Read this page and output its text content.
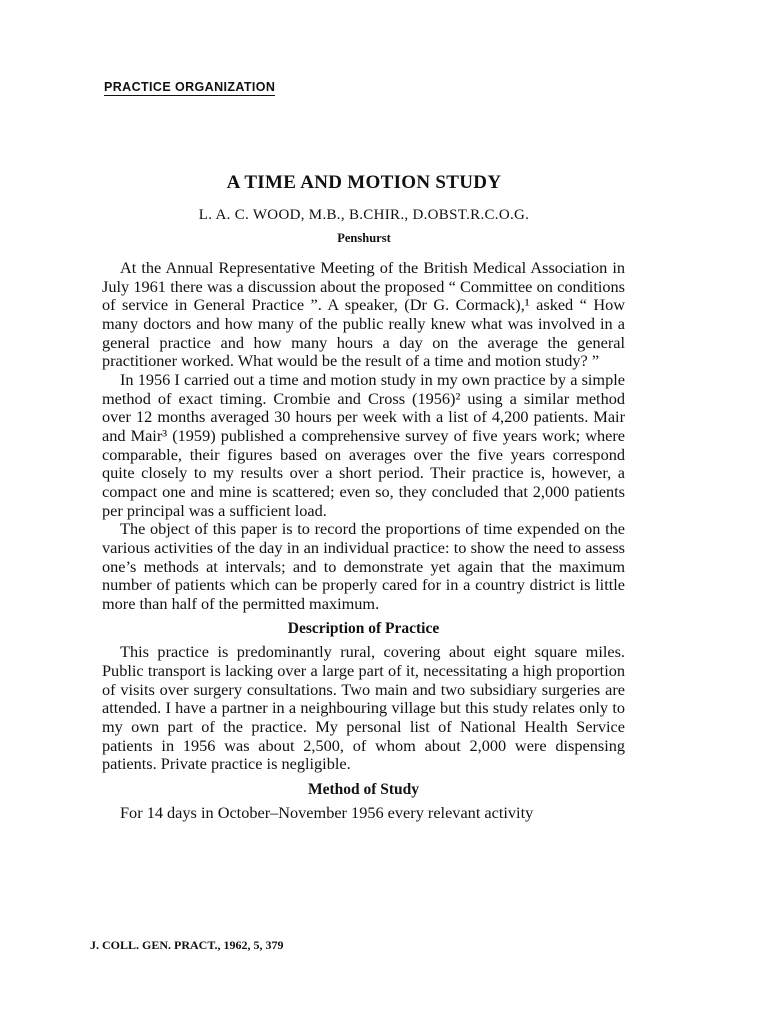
PRACTICE ORGANIZATION
A TIME AND MOTION STUDY
L. A. C. WOOD, M.B., B.CHIR., D.OBST.R.C.O.G.
Penshurst

At the Annual Representative Meeting of the British Medical Association in July 1961 there was a discussion about the proposed “ Committee on conditions of service in General Practice ”. A speaker, (Dr G. Cormack),¹ asked “ How many doctors and how many of the public really knew what was involved in a general practice and how many hours a day on the average the general practitioner worked. What would be the result of a time and motion study? ”

In 1956 I carried out a time and motion study in my own practice by a simple method of exact timing. Crombie and Cross (1956)² using a similar method over 12 months averaged 30 hours per week with a list of 4,200 patients. Mair and Mair³ (1959) published a comprehensive survey of five years work; where comparable, their figures based on averages over the five years correspond quite closely to my results over a short period. Their practice is, however, a compact one and mine is scattered; even so, they concluded that 2,000 patients per principal was a sufficient load.

The object of this paper is to record the proportions of time expended on the various activities of the day in an individual practice: to show the need to assess one’s methods at intervals; and to demonstrate yet again that the maximum number of patients which can be properly cared for in a country district is little more than half of the permitted maximum.

Description of Practice

This practice is predominantly rural, covering about eight square miles. Public transport is lacking over a large part of it, necessitating a high proportion of visits over surgery consultations. Two main and two subsidiary surgeries are attended. I have a partner in a neighbouring village but this study relates only to my own part of the practice. My personal list of National Health Service patients in 1956 was about 2,500, of whom about 2,000 were dispensing patients. Private practice is negligible.

Method of Study

For 14 days in October–November 1956 every relevant activity

J. COLL. GEN. PRACT., 1962, 5, 379
